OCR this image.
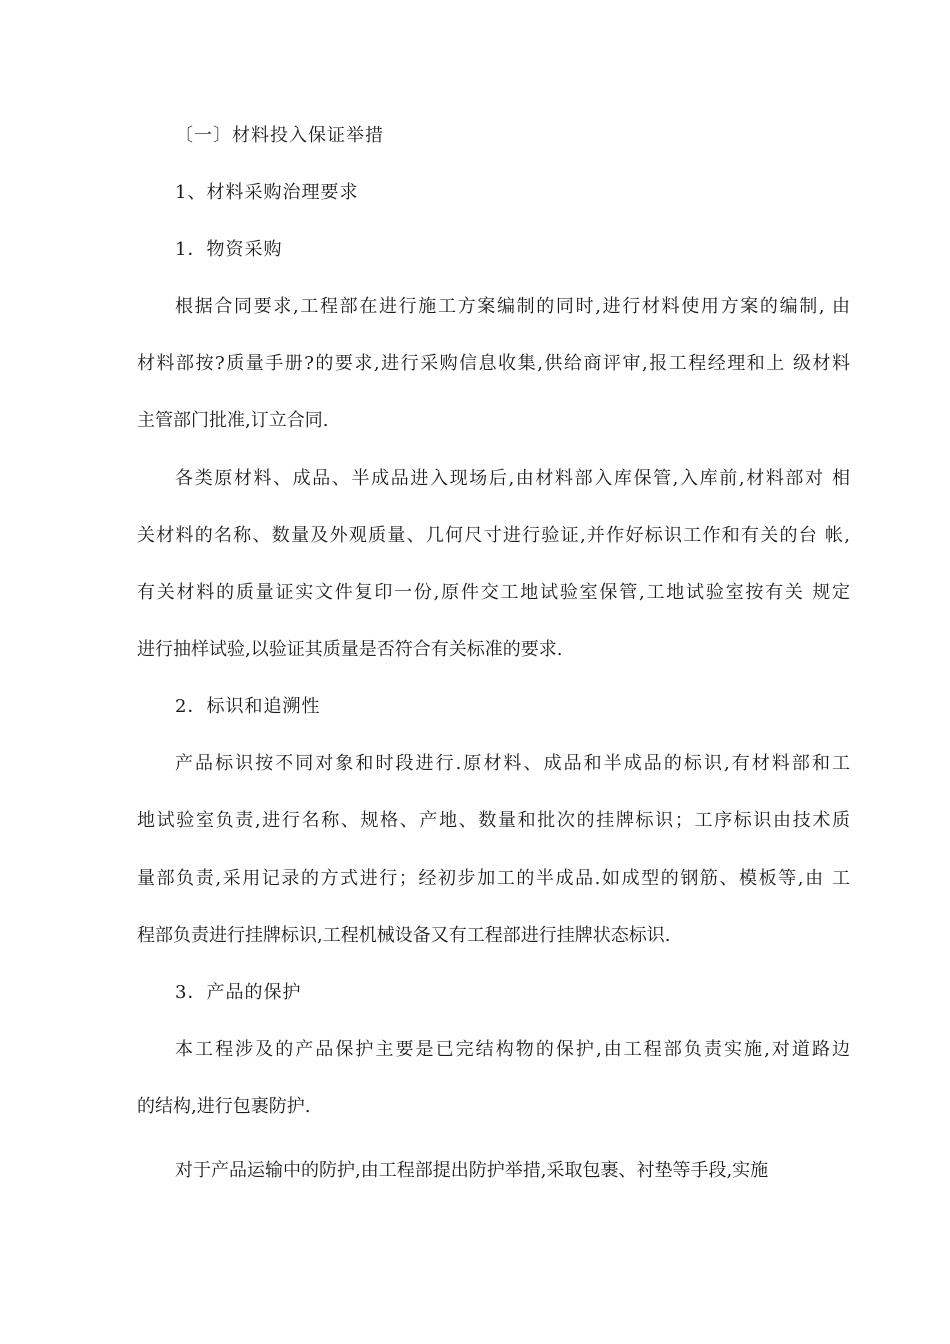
〔一〕材料投入保证举措
1、材料采购治理要求
1．物资采购
根据合同要求,工程部在进行施工方案编制的同时,进行材料使用方案的编制, 由
材料部按?质量手册?的要求,进行采购信息收集,供给商评审,报工程经理和上 级材料
主管部门批准,订立合同.
各类原材料、成品、半成品进入现场后,由材料部入库保管,入库前,材料部对 相
关材料的名称、数量及外观质量、几何尺寸进行验证,并作好标识工作和有关的台 帐,
有关材料的质量证实文件复印一份,原件交工地试验室保管,工地试验室按有关 规定
进行抽样试验,以验证其质量是否符合有关标准的要求.
2．标识和追溯性
产品标识按不同对象和时段进行.原材料、成品和半成品的标识,有材料部和工
地试验室负责,进行名称、规格、产地、数量和批次的挂牌标识；工序标识由技术质
量部负责,采用记录的方式进行；经初步加工的半成品.如成型的钢筋、模板等,由 工
程部负责进行挂牌标识,工程机械设备又有工程部进行挂牌状态标识.
3．产品的保护
本工程涉及的产品保护主要是已完结构物的保护,由工程部负责实施,对道路边
的结构,进行包裹防护.
对于产品运输中的防护,由工程部提出防护举措,采取包裹、衬垫等手段,实施
